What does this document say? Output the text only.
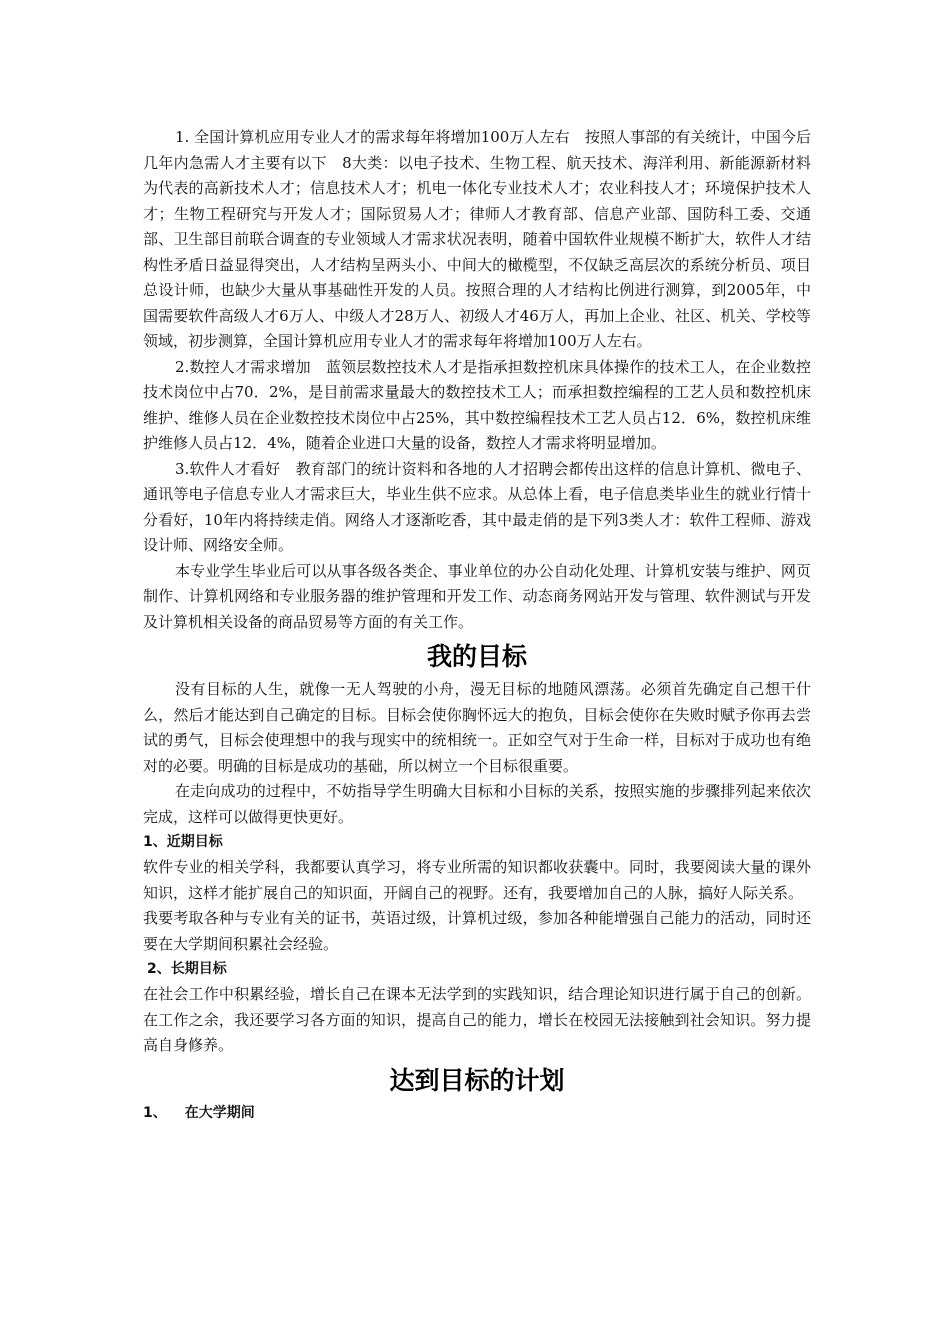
1. 全国计算机应用专业人才的需求每年将增加100万人左右　按照人事部的有关统计，中国今后几年内急需人才主要有以下　8大类：以电子技术、生物工程、航天技术、海洋利用、新能源新材料为代表的高新技术人才；信息技术人才；机电一体化专业技术人才；农业科技人才；环境保护技术人才；生物工程研究与开发人才；国际贸易人才；律师人才教育部、信息产业部、国防科工委、交通部、卫生部目前联合调查的专业领域人才需求状况表明，随着中国软件业规模不断扩大，软件人才结构性矛盾日益显得突出，人才结构呈两头小、中间大的橄榄型，不仅缺乏高层次的系统分析员、项目总设计师，也缺少大量从事基础性开发的人员。按照合理的人才结构比例进行测算，到2005年，中国需要软件高级人才6万人、中级人才28万人、初级人才46万人，再加上企业、社区、机关、学校等领域，初步测算，全国计算机应用专业人才的需求每年将增加100万人左右。

2.数控人才需求增加　蓝领层数控技术人才是指承担数控机床具体操作的技术工人，在企业数控技术岗位中占70．2%，是目前需求量最大的数控技术工人；而承担数控编程的工艺人员和数控机床维护、维修人员在企业数控技术岗位中占25%，其中数控编程技术工艺人员占12．6%，数控机床维护维修人员占12．4%，随着企业进口大量的设备，数控人才需求将明显增加。

3.软件人才看好　教育部门的统计资料和各地的人才招聘会都传出这样的信息计算机、微电子、通讯等电子信息专业人才需求巨大，毕业生供不应求。从总体上看，电子信息类毕业生的就业行情十分看好，10年内将持续走俏。网络人才逐渐吃香，其中最走俏的是下列3类人才：软件工程师、游戏设计师、网络安全师。

本专业学生毕业后可以从事各级各类企、事业单位的办公自动化处理、计算机安装与维护、网页制作、计算机网络和专业服务器的维护管理和开发工作、动态商务网站开发与管理、软件测试与开发及计算机相关设备的商品贸易等方面的有关工作。

我的目标

没有目标的人生，就像一无人驾驶的小舟，漫无目标的地随风漂荡。必须首先确定自己想干什么，然后才能达到自己确定的目标。目标会使你胸怀远大的抱负，目标会使你在失败时赋予你再去尝试的勇气，目标会使理想中的我与现实中的统相统一。正如空气对于生命一样，目标对于成功也有绝对的必要。明确的目标是成功的基础，所以树立一个目标很重要。

在走向成功的过程中，不妨指导学生明确大目标和小目标的关系，按照实施的步骤排列起来依次完成，这样可以做得更快更好。

1、近期目标

软件专业的相关学科，我都要认真学习，将专业所需的知识都收获囊中。同时，我要阅读大量的课外知识，这样才能扩展自己的知识面，开阔自己的视野。还有，我要增加自己的人脉，搞好人际关系。

我要考取各种与专业有关的证书，英语过级，计算机过级，参加各种能增强自己能力的活动，同时还要在大学期间积累社会经验。

2、长期目标

在社会工作中积累经验，增长自己在课本无法学到的实践知识，结合理论知识进行属于自己的创新。在工作之余，我还要学习各方面的知识，提高自己的能力，增长在校园无法接触到社会知识。努力提高自身修养。

达到目标的计划

1、 在大学期间
